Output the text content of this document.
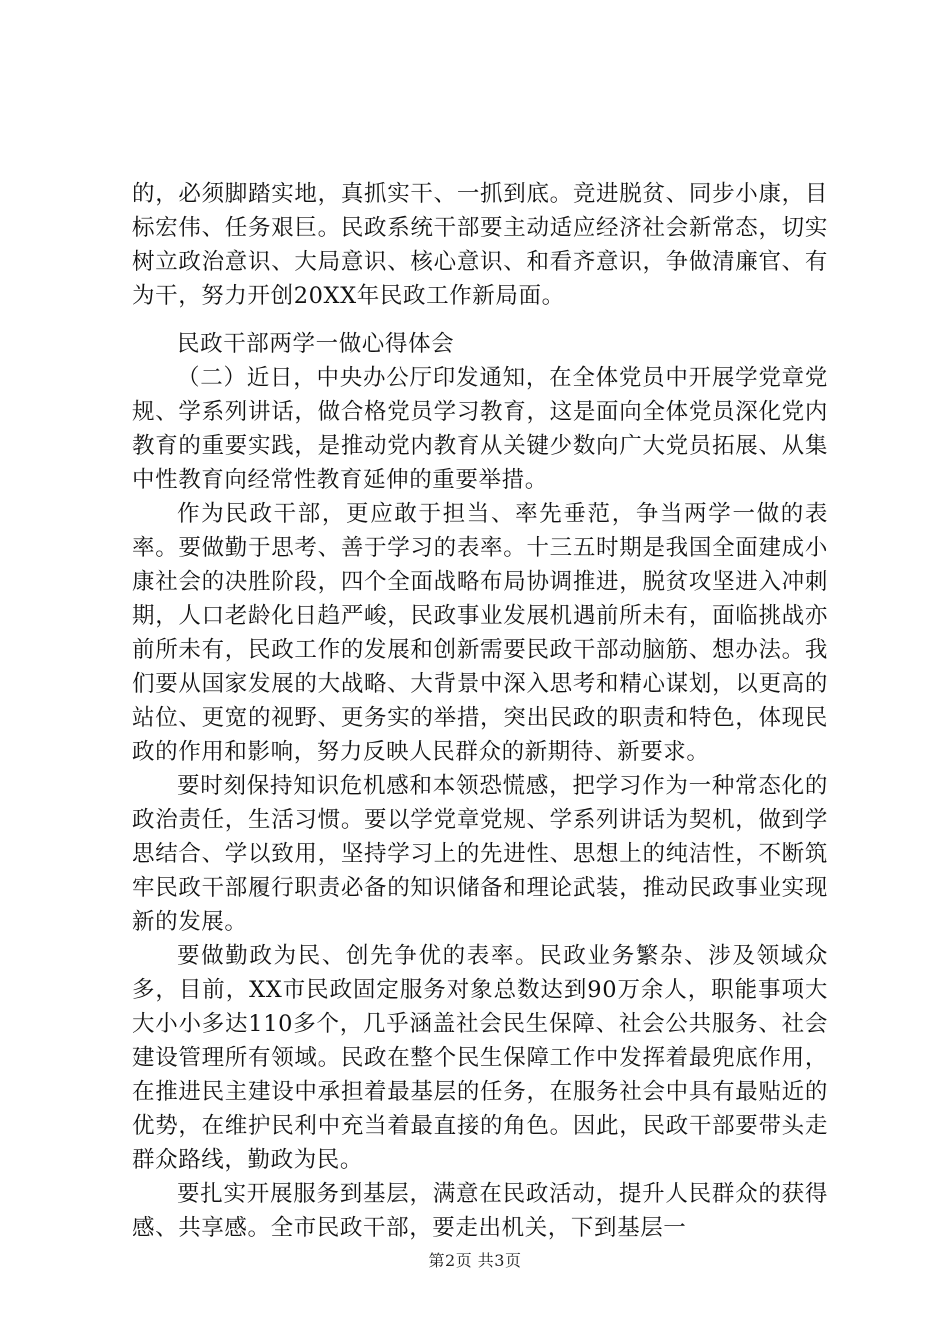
的，必须脚踏实地，真抓实干、一抓到底。竞进脱贫、同步小康，目标宏伟、任务艰巨。民政系统干部要主动适应经济社会新常态，切实树立政治意识、大局意识、核心意识、和看齐意识，争做清廉官、有为干，努力开创20XX年民政工作新局面。

民政干部两学一做心得体会

（二）近日，中央办公厅印发通知，在全体党员中开展学党章党规、学系列讲话，做合格党员学习教育，这是面向全体党员深化党内教育的重要实践，是推动党内教育从关键少数向广大党员拓展、从集中性教育向经常性教育延伸的重要举措。

作为民政干部，更应敢于担当、率先垂范，争当两学一做的表率。要做勤于思考、善于学习的表率。十三五时期是我国全面建成小康社会的决胜阶段，四个全面战略布局协调推进，脱贫攻坚进入冲刺期，人口老龄化日趋严峻，民政事业发展机遇前所未有，面临挑战亦前所未有，民政工作的发展和创新需要民政干部动脑筋、想办法。我们要从国家发展的大战略、大背景中深入思考和精心谋划，以更高的站位、更宽的视野、更务实的举措，突出民政的职责和特色，体现民政的作用和影响，努力反映人民群众的新期待、新要求。

要时刻保持知识危机感和本领恐慌感，把学习作为一种常态化的政治责任，生活习惯。要以学党章党规、学系列讲话为契机，做到学思结合、学以致用，坚持学习上的先进性、思想上的纯洁性，不断筑牢民政干部履行职责必备的知识储备和理论武装，推动民政事业实现新的发展。

要做勤政为民、创先争优的表率。民政业务繁杂、涉及领域众多，目前，XX市民政固定服务对象总数达到90万余人，职能事项大大小小多达110多个，几乎涵盖社会民生保障、社会公共服务、社会建设管理所有领域。民政在整个民生保障工作中发挥着最兜底作用，在推进民主建设中承担着最基层的任务，在服务社会中具有最贴近的优势，在维护民利中充当着最直接的角色。因此，民政干部要带头走群众路线，勤政为民。

要扎实开展服务到基层，满意在民政活动，提升人民群众的获得感、共享感。全市民政干部，要走出机关，下到基层一

第2页 共3页
